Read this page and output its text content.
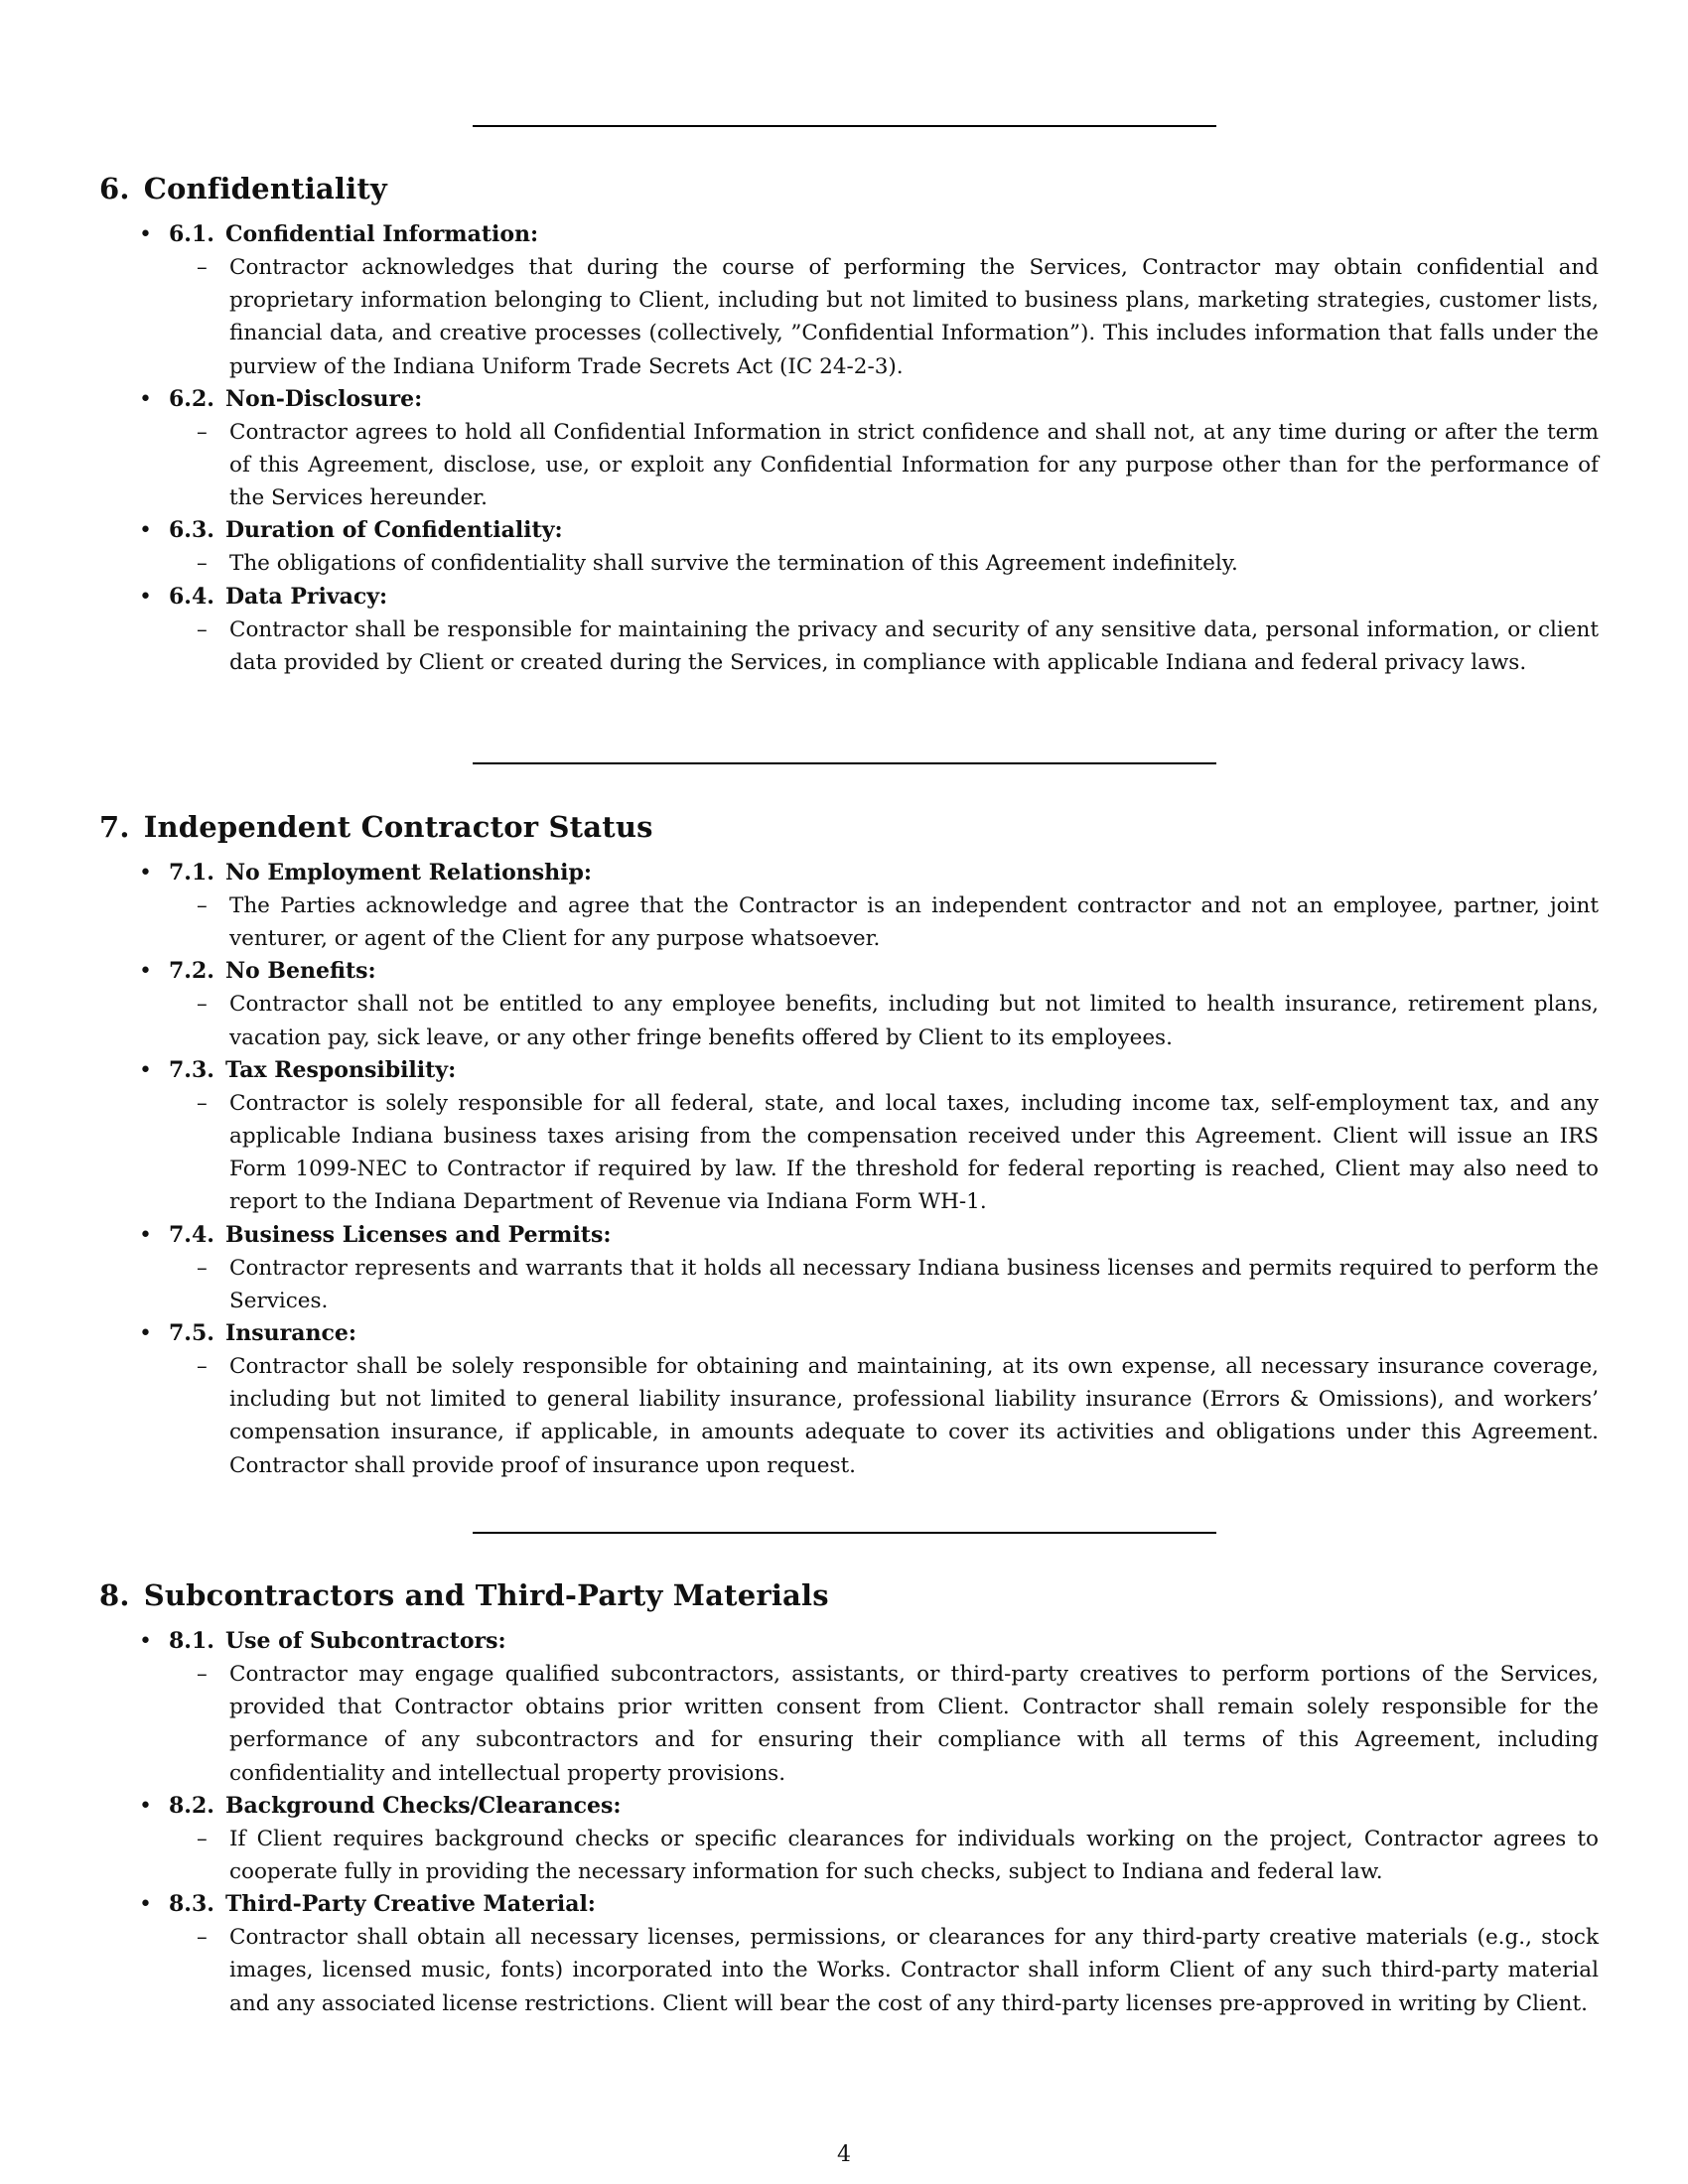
6. Confidentiality
• 6.1. Confidential Information:
– Contractor acknowledges that during the course of performing the Services, Contractor may obtain confidential and proprietary information belonging to Client, including but not limited to business plans, marketing strategies, customer lists, financial data, and creative processes (collectively, ”Confidential Information”). This includes information that falls under the purview of the Indiana Uniform Trade Secrets Act (IC 24-2-3).
• 6.2. Non-Disclosure:
– Contractor agrees to hold all Confidential Information in strict confidence and shall not, at any time during or after the term of this Agreement, disclose, use, or exploit any Confidential Information for any purpose other than for the performance of the Services hereunder.
• 6.3. Duration of Confidentiality:
– The obligations of confidentiality shall survive the termination of this Agreement indefinitely.
• 6.4. Data Privacy:
– Contractor shall be responsible for maintaining the privacy and security of any sensitive data, personal information, or client data provided by Client or created during the Services, in compliance with applicable Indiana and federal privacy laws.
7. Independent Contractor Status
• 7.1. No Employment Relationship:
– The Parties acknowledge and agree that the Contractor is an independent contractor and not an employee, partner, joint venturer, or agent of the Client for any purpose whatsoever.
• 7.2. No Benefits:
– Contractor shall not be entitled to any employee benefits, including but not limited to health insurance, retirement plans, vacation pay, sick leave, or any other fringe benefits offered by Client to its employees.
• 7.3. Tax Responsibility:
– Contractor is solely responsible for all federal, state, and local taxes, including income tax, self-employment tax, and any applicable Indiana business taxes arising from the compensation received under this Agreement. Client will issue an IRS Form 1099-NEC to Contractor if required by law. If the threshold for federal reporting is reached, Client may also need to report to the Indiana Department of Revenue via Indiana Form WH-1.
• 7.4. Business Licenses and Permits:
– Contractor represents and warrants that it holds all necessary Indiana business licenses and permits required to perform the Services.
• 7.5. Insurance:
– Contractor shall be solely responsible for obtaining and maintaining, at its own expense, all necessary insurance coverage, including but not limited to general liability insurance, professional liability insurance (Errors & Omissions), and workers’ compensation insurance, if applicable, in amounts adequate to cover its activities and obligations under this Agreement. Contractor shall provide proof of insurance upon request.
8. Subcontractors and Third-Party Materials
• 8.1. Use of Subcontractors:
– Contractor may engage qualified subcontractors, assistants, or third-party creatives to perform portions of the Services, provided that Contractor obtains prior written consent from Client. Contractor shall remain solely responsible for the performance of any subcontractors and for ensuring their compliance with all terms of this Agreement, including confidentiality and intellectual property provisions.
• 8.2. Background Checks/Clearances:
– If Client requires background checks or specific clearances for individuals working on the project, Contractor agrees to cooperate fully in providing the necessary information for such checks, subject to Indiana and federal law.
• 8.3. Third-Party Creative Material:
– Contractor shall obtain all necessary licenses, permissions, or clearances for any third-party creative materials (e.g., stock images, licensed music, fonts) incorporated into the Works. Contractor shall inform Client of any such third-party material and any associated license restrictions. Client will bear the cost of any third-party licenses pre-approved in writing by Client.
4
